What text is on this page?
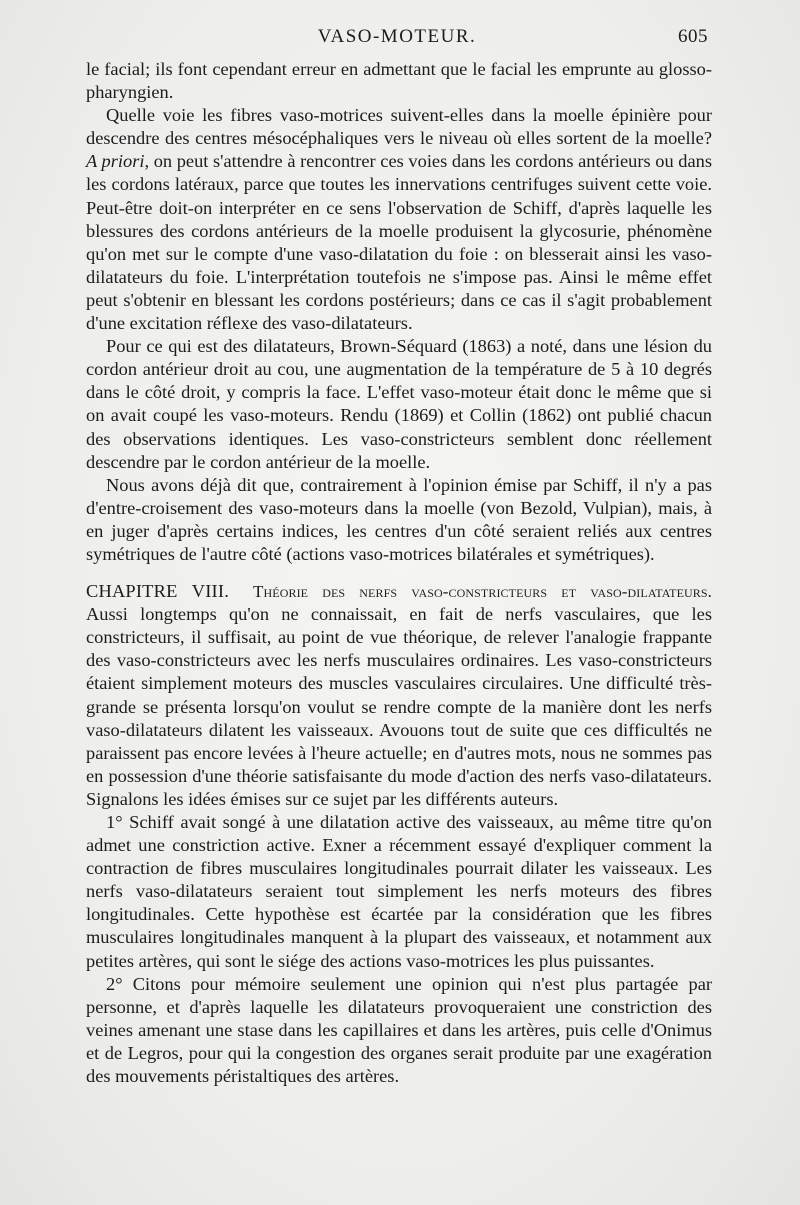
VASO-MOTEUR.	605

le facial; ils font cependant erreur en admettant que le facial les emprunte au glosso-pharyngien.

Quelle voie les fibres vaso-motrices suivent-elles dans la moelle épinière pour descendre des centres mésocéphaliques vers le niveau où elles sortent de la moelle? A priori, on peut s'attendre à rencontrer ces voies dans les cordons antérieurs ou dans les cordons latéraux, parce que toutes les innervations centrifuges suivent cette voie. Peut-être doit-on interpréter en ce sens l'observation de Schiff, d'après laquelle les blessures des cordons antérieurs de la moelle produisent la glycosurie, phénomène qu'on met sur le compte d'une vaso-dilatation du foie : on blesserait ainsi les vaso-dilatateurs du foie. L'interprétation toutefois ne s'impose pas. Ainsi le même effet peut s'obtenir en blessant les cordons postérieurs; dans ce cas il s'agit probablement d'une excitation réflexe des vaso-dilatateurs.

Pour ce qui est des dilatateurs, Brown-Séquard (1863) a noté, dans une lésion du cordon antérieur droit au cou, une augmentation de la température de 5 à 10 degrés dans le côté droit, y compris la face. L'effet vaso-moteur était donc le même que si on avait coupé les vaso-moteurs. Rendu (1869) et Collin (1862) ont publié chacun des observations identiques. Les vaso-constricteurs semblent donc réellement descendre par le cordon antérieur de la moelle.

Nous avons déjà dit que, contrairement à l'opinion émise par Schiff, il n'y a pas d'entre-croisement des vaso-moteurs dans la moelle (von Bezold, Vulpian), mais, à en juger d'après certains indices, les centres d'un côté seraient reliés aux centres symétriques de l'autre côté (actions vaso-motrices bilatérales et symétriques).

CHAPITRE VIII. Théorie des nerfs vaso-constricteurs et vaso-dilatateurs.

Aussi longtemps qu'on ne connaissait, en fait de nerfs vasculaires, que les constricteurs, il suffisait, au point de vue théorique, de relever l'analogie frappante des vaso-constricteurs avec les nerfs musculaires ordinaires. Les vaso-constricteurs étaient simplement moteurs des muscles vasculaires circulaires. Une difficulté très-grande se présenta lorsqu'on voulut se rendre compte de la manière dont les nerfs vaso-dilatateurs dilatent les vaisseaux. Avouons tout de suite que ces difficultés ne paraissent pas encore levées à l'heure actuelle; en d'autres mots, nous ne sommes pas en possession d'une théorie satisfaisante du mode d'action des nerfs vaso-dilatateurs. Signalons les idées émises sur ce sujet par les différents auteurs.

1° Schiff avait songé à une dilatation active des vaisseaux, au même titre qu'on admet une constriction active. Exner a récemment essayé d'expliquer comment la contraction de fibres musculaires longitudinales pourrait dilater les vaisseaux. Les nerfs vaso-dilatateurs seraient tout simplement les nerfs moteurs des fibres longitudinales. Cette hypothèse est écartée par la considération que les fibres musculaires longitudinales manquent à la plupart des vaisseaux, et notamment aux petites artères, qui sont le siége des actions vaso-motrices les plus puissantes.

2° Citons pour mémoire seulement une opinion qui n'est plus partagée par personne, et d'après laquelle les dilatateurs provoqueraient une constriction des veines amenant une stase dans les capillaires et dans les artères, puis celle d'Onimus et de Legros, pour qui la congestion des organes serait produite par une exagération des mouvements péristaltiques des artères.
